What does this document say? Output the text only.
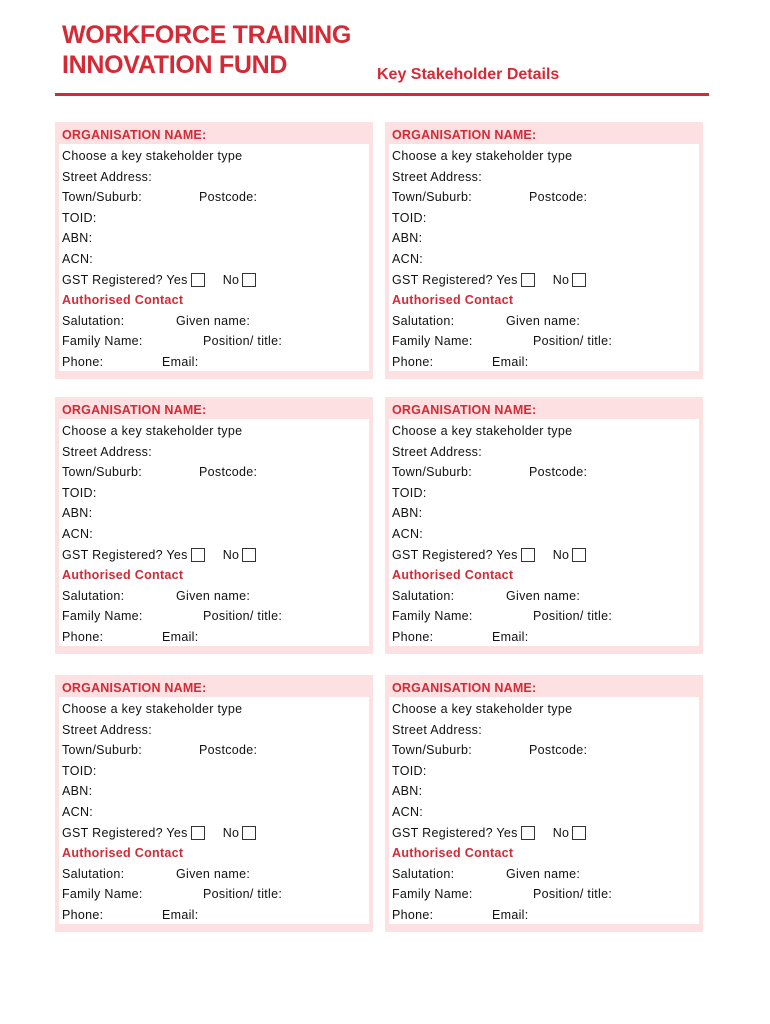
WORKFORCE TRAINING
INNOVATION FUND	Key Stakeholder Details
ORGANISATION NAME:
Choose a key stakeholder type
Street Address:
Town/Suburb:	Postcode:
TOID:
ABN:
ACN:
GST Registered? Yes	No
Authorised Contact
Salutation:	Given name:
Family Name:	Position/ title:
Phone:	Email:
ORGANISATION NAME:
Choose a key stakeholder type
Street Address:
Town/Suburb:	Postcode:
TOID:
ABN:
ACN:
GST Registered? Yes	No
Authorised Contact
Salutation:	Given name:
Family Name:	Position/ title:
Phone:	Email:
ORGANISATION NAME:
Choose a key stakeholder type
Street Address:
Town/Suburb:	Postcode:
TOID:
ABN:
ACN:
GST Registered? Yes	No
Authorised Contact
Salutation:	Given name:
Family Name:	Position/ title:
Phone:	Email:
ORGANISATION NAME:
Choose a key stakeholder type
Street Address:
Town/Suburb:	Postcode:
TOID:
ABN:
ACN:
GST Registered? Yes	No
Authorised Contact
Salutation:	Given name:
Family Name:	Position/ title:
Phone:	Email:
ORGANISATION NAME:
Choose a key stakeholder type
Street Address:
Town/Suburb:	Postcode:
TOID:
ABN:
ACN:
GST Registered? Yes	No
Authorised Contact
Salutation:	Given name:
Family Name:	Position/ title:
Phone:	Email:
ORGANISATION NAME:
Choose a key stakeholder type
Street Address:
Town/Suburb:	Postcode:
TOID:
ABN:
ACN:
GST Registered? Yes	No
Authorised Contact
Salutation:	Given name:
Family Name:	Position/ title:
Phone:	Email:
